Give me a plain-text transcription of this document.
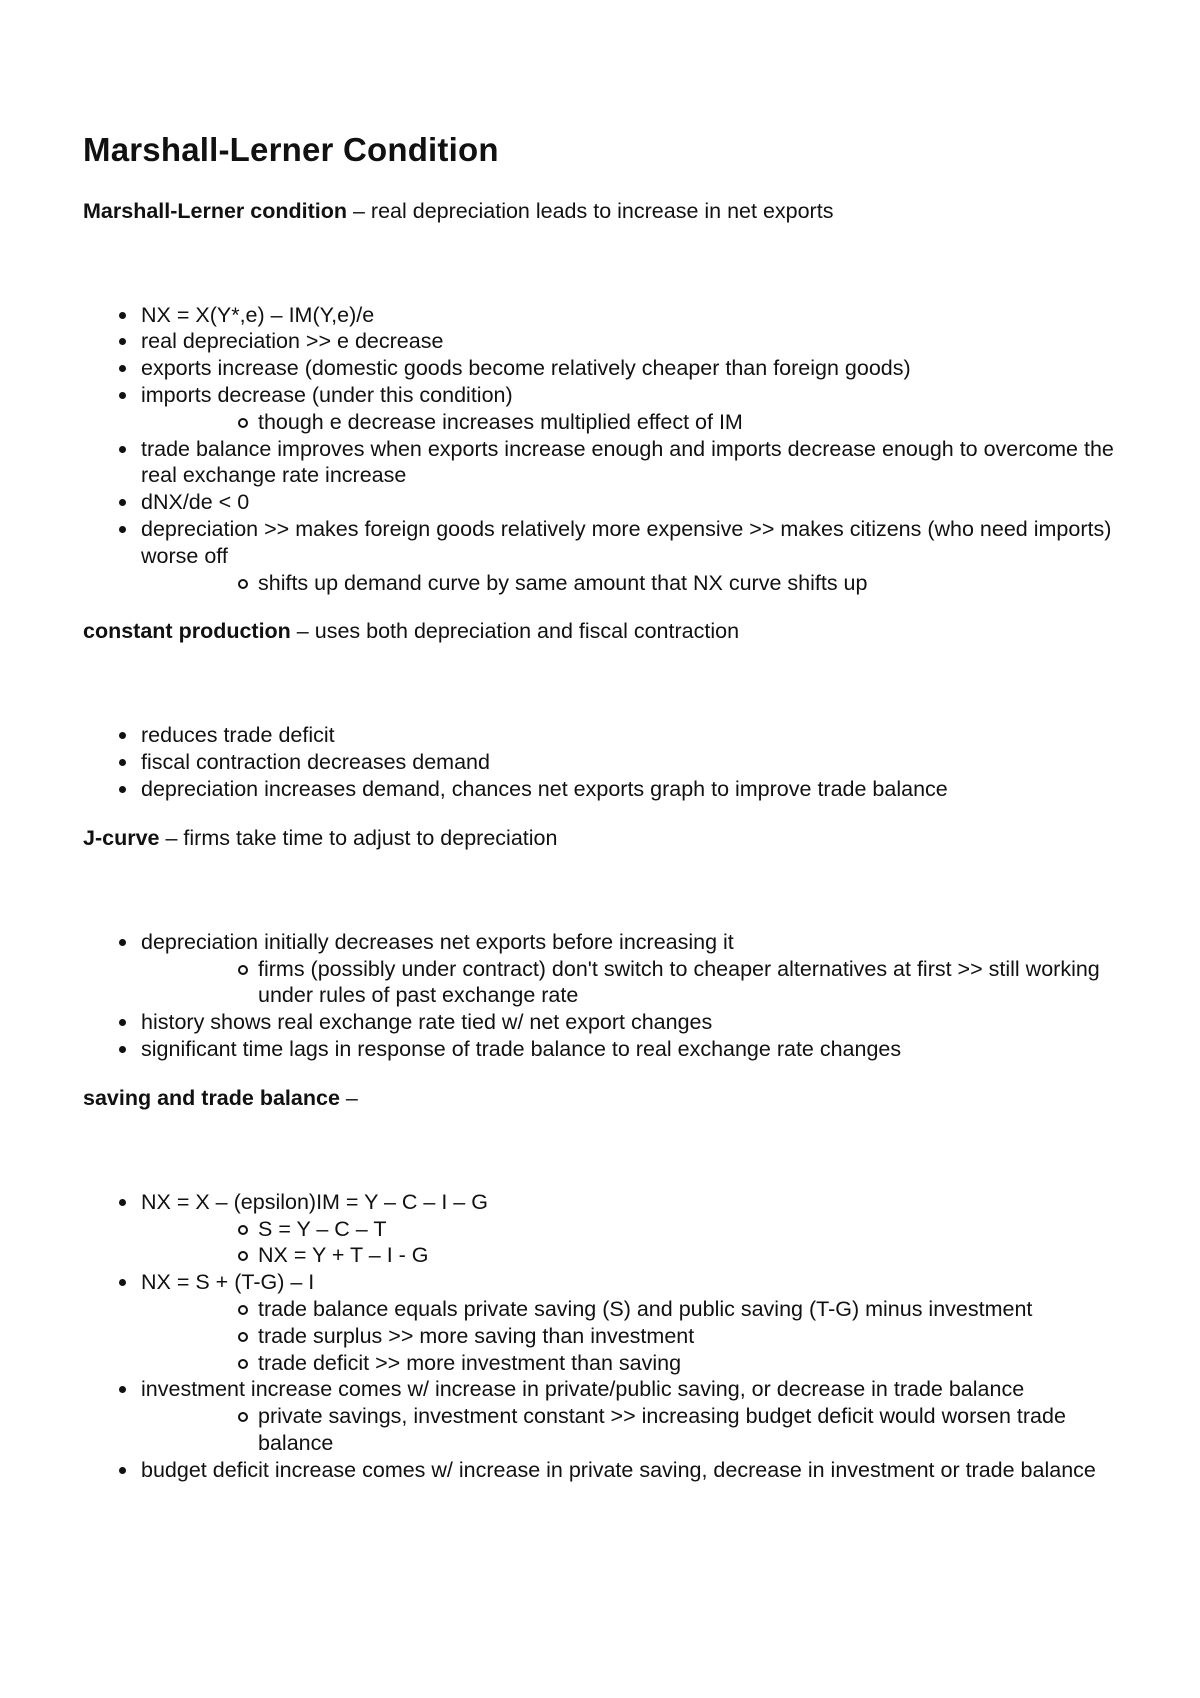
Marshall-Lerner Condition

Marshall-Lerner condition – real depreciation leads to increase in net exports

NX = X(Y*,e) – IM(Y,e)/e
real depreciation >> e decrease
exports increase (domestic goods become relatively cheaper than foreign goods)
imports decrease (under this condition)
though e decrease increases multiplied effect of IM
trade balance improves when exports increase enough and imports decrease enough to overcome the real exchange rate increase
dNX/de < 0
depreciation >> makes foreign goods relatively more expensive >> makes citizens (who need imports) worse off
shifts up demand curve by same amount that NX curve shifts up

constant production – uses both depreciation and fiscal contraction

reduces trade deficit
fiscal contraction decreases demand
depreciation increases demand, chances net exports graph to improve trade balance

J-curve – firms take time to adjust to depreciation

depreciation initially decreases net exports before increasing it
firms (possibly under contract) don't switch to cheaper alternatives at first >> still working under rules of past exchange rate
history shows real exchange rate tied w/ net export changes
significant time lags in response of trade balance to real exchange rate changes

saving and trade balance –

NX = X – (epsilon)IM = Y – C – I – G
S = Y – C – T
NX = Y + T – I - G
NX = S + (T-G) – I
trade balance equals private saving (S) and public saving (T-G) minus investment
trade surplus >> more saving than investment
trade deficit >> more investment than saving
investment increase comes w/ increase in private/public saving, or decrease in trade balance
private savings, investment constant >> increasing budget deficit would worsen trade balance
budget deficit increase comes w/ increase in private saving, decrease in investment or trade balance
